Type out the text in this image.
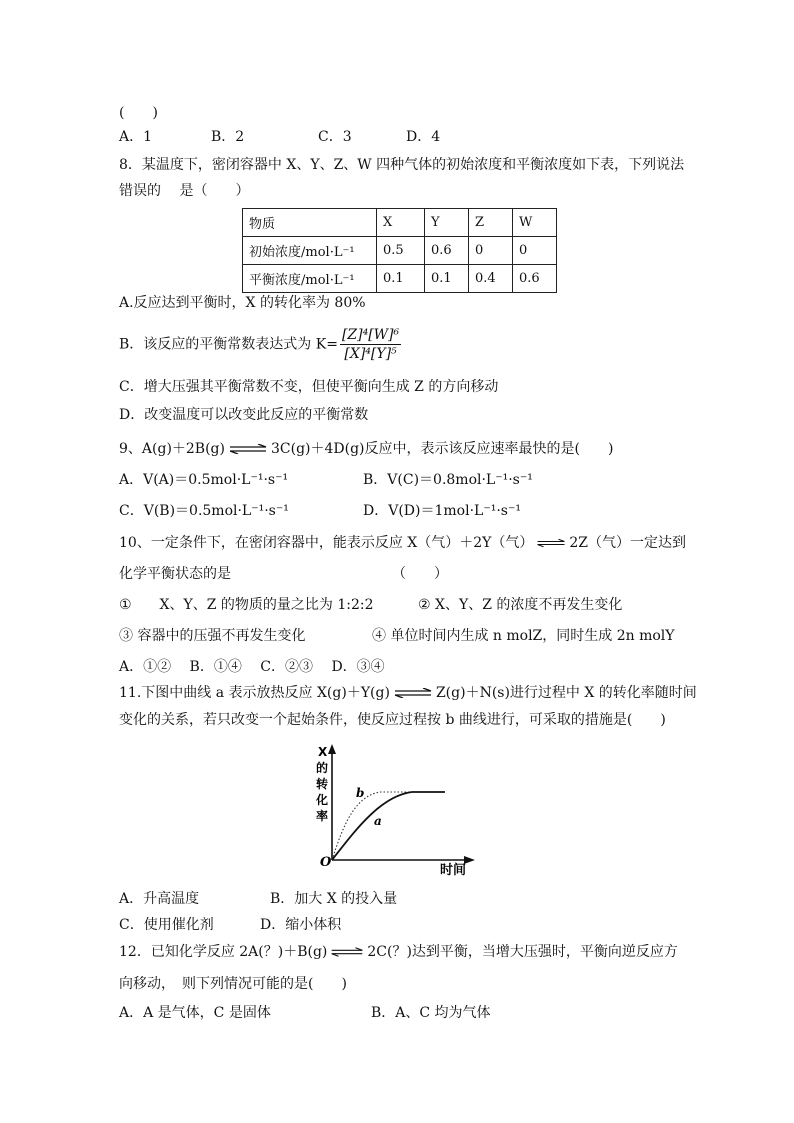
(　　)
A．1	B．2	C．3	D．4
8．某温度下，密闭容器中 X、Y、Z、W 四种气体的初始浓度和平衡浓度如下表，下列说法
错误的　 是（　　）
物质	X	Y	Z	W
初始浓度/mol·L⁻¹	0.5	0.6	0	0
平衡浓度/mol·L⁻¹	0.1	0.1	0.4	0.6
A.反应达到平衡时，X 的转化率为 80%
B．该反应的平衡常数表达式为 $K= \frac{\text{[Z]⁴[W]⁶}}{\text{[X]⁴[Y]⁵}}$
C．增大压强其平衡常数不变，但使平衡向生成 Z 的方向移动
D．改变温度可以改变此反应的平衡常数
9、A(g)＋2B(g) ⇌ 3C(g)＋4D(g)反应中，表示该反应速率最快的是(　　)
A．V(A)＝0.5mol·L⁻¹·s⁻¹	B．V(C)＝0.8mol·L⁻¹·s⁻¹
C．V(B)＝0.5mol·L⁻¹·s⁻¹	D．V(D)＝1mol·L⁻¹·s⁻¹
10、一定条件下，在密闭容器中，能表示反应 X（气）＋2Y（气） ⇌ 2Z（气）一定达到
化学平衡状态的是　　　　　　　　　　　　（　　）
①　　X、Y、Z 的物质的量之比为 1:2:2	② X、Y、Z 的浓度不再发生变化
③ 容器中的压强不再发生变化	④ 单位时间内生成 n molZ，同时生成 2n molY
A．①②　 B．①④　 C．②③　 D．③④
11.下图中曲线 a 表示放热反应 X(g)＋Y(g) ⇌ Z(g)＋N(s)进行过程中 X 的转化率随时间
变化的关系，若只改变一个起始条件，使反应过程按 b 曲线进行，可采取的措施是(　　)
X
的
转
化
率
O
时间
b
a
A．升高温度	B．加大 X 的投入量
C．使用催化剂	D．缩小体积
12．已知化学反应 2A(？)＋B(g) ⇌ 2C(？)达到平衡，当增大压强时，平衡向逆反应方
向移动，　则下列情况可能的是(　　)
A．A 是气体，C 是固体	B．A、C 均为气体
